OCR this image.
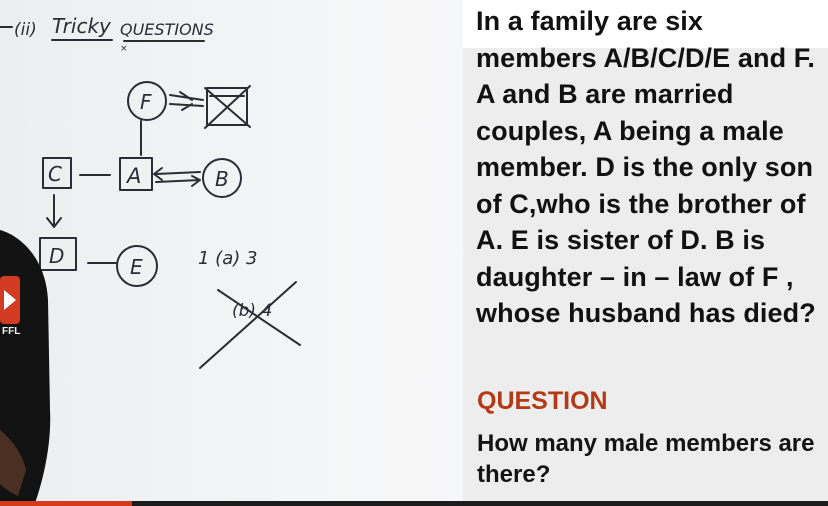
(ii) Tricky QUESTIONS
×
F
A	B
C
D	E	1 (a) 3
(b) 4
FFL

In a family are six members A/B/C/D/E and F. A and B are married couples, A being a male member. D is the only son of C,who is the brother of A. E is sister of D. B is daughter – in – law of F , whose husband has died?

QUESTION

How many male members are there?
